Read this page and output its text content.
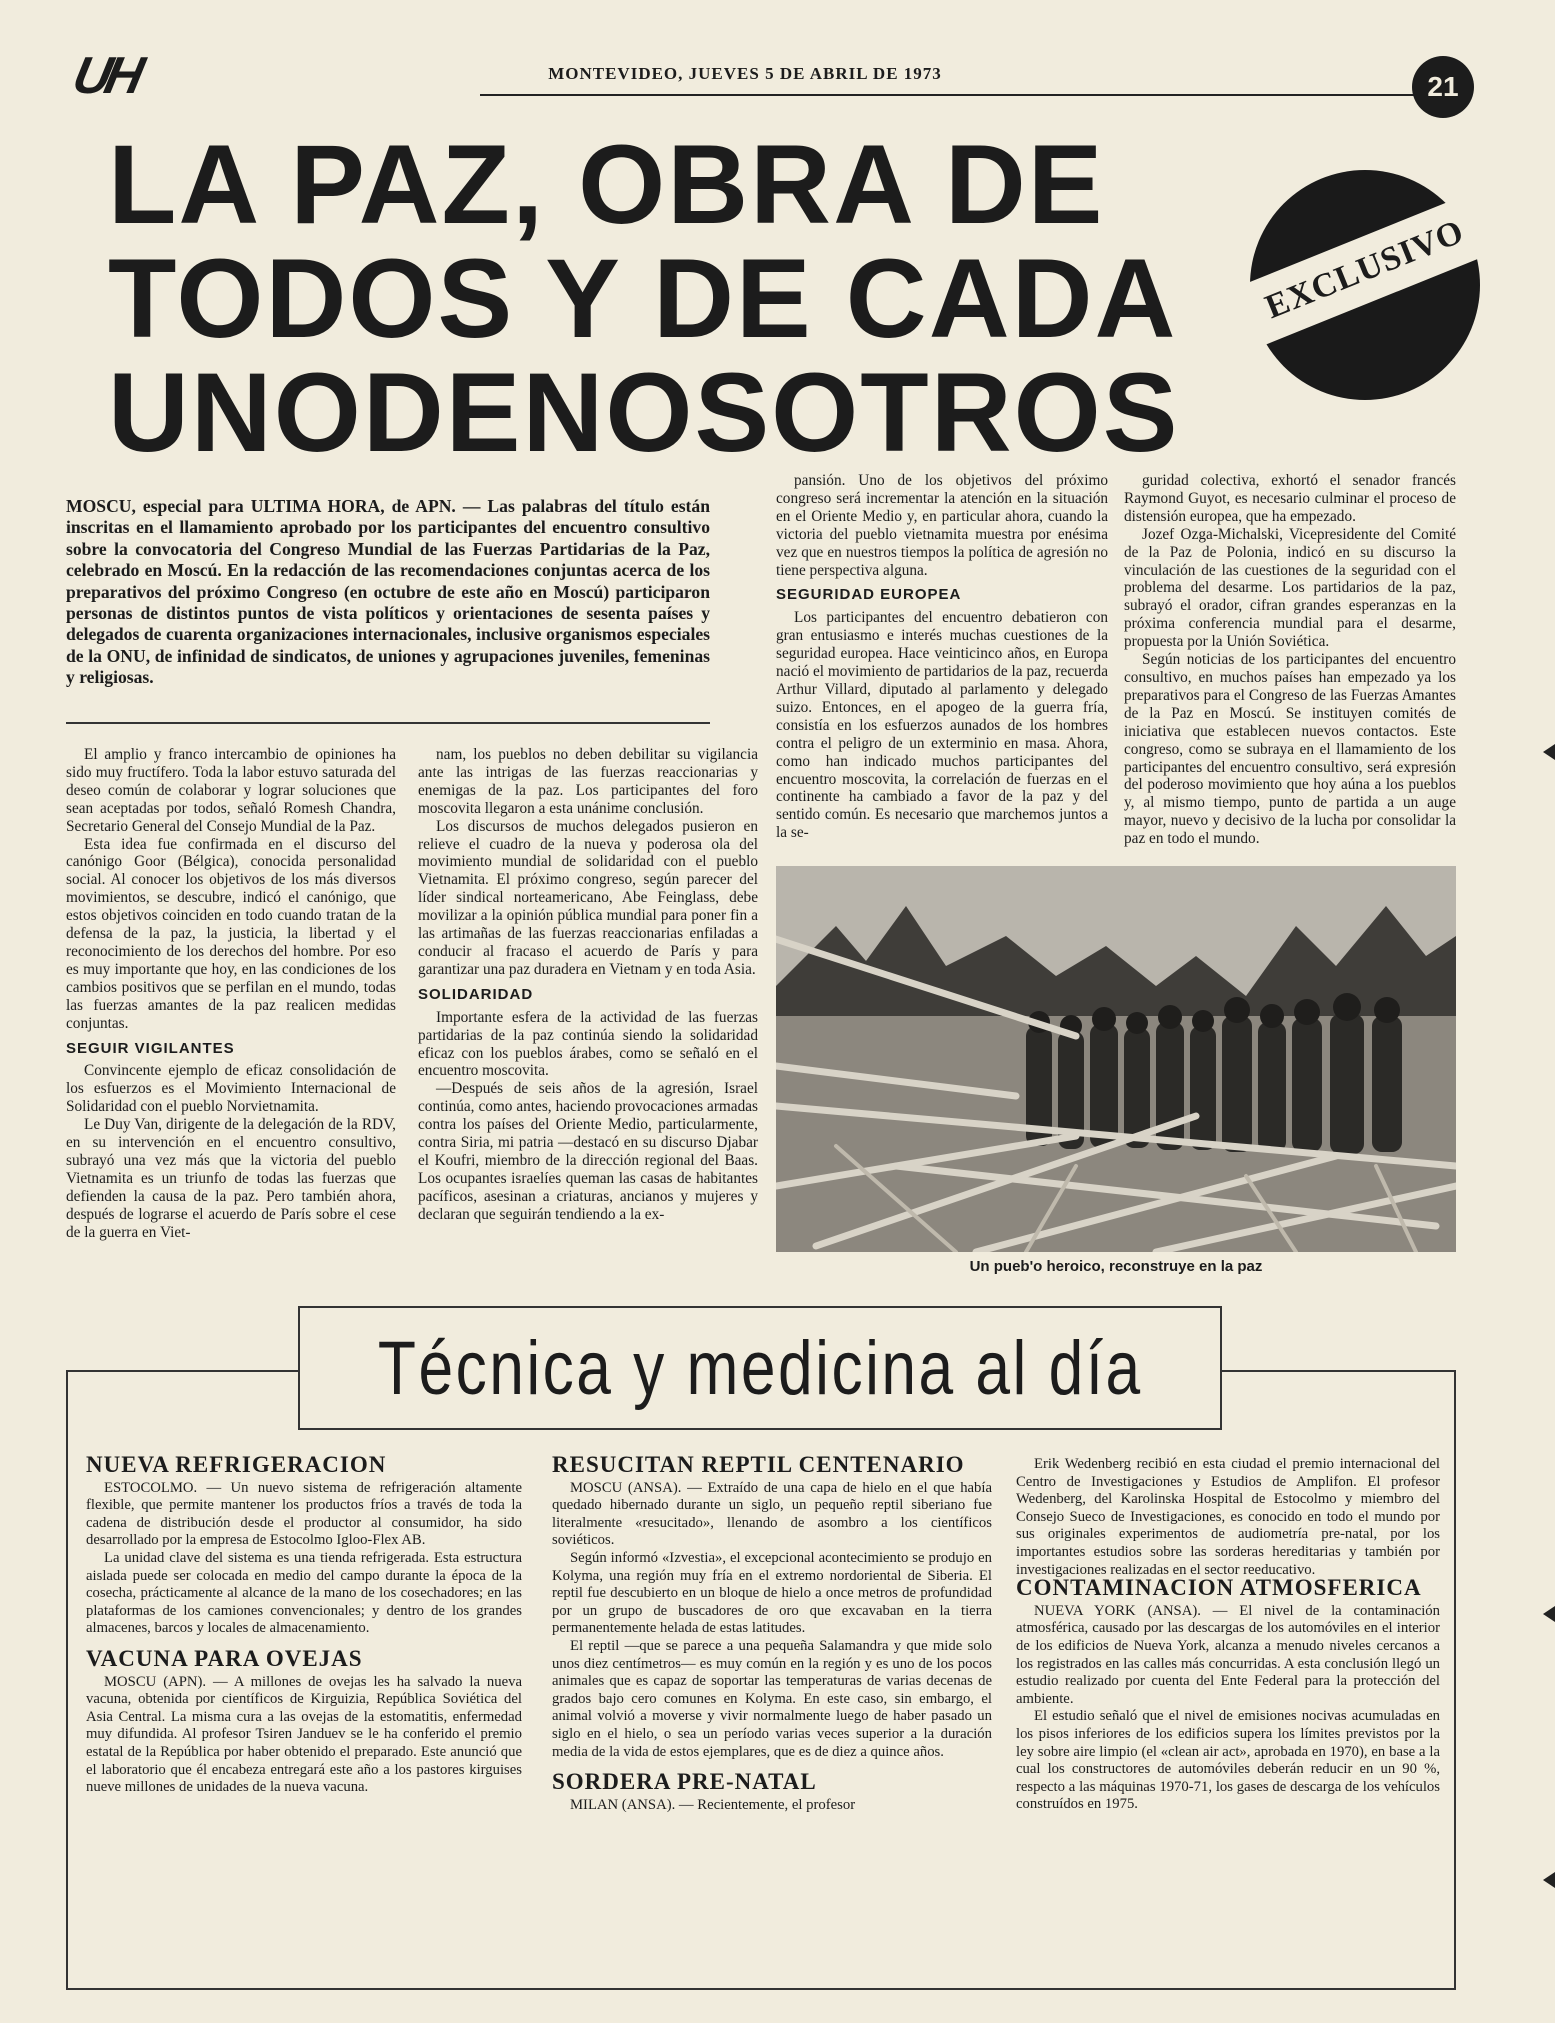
UH	MONTEVIDEO, JUEVES 5 DE ABRIL DE 1973	21
LA PAZ, OBRA DE
TODOS Y DE CADA
UNODENOSOTROS
EXCLUSIVO
MOSCU, especial para ULTIMA HORA, de APN. — Las palabras del título están inscritas en el llamamiento aprobado por los participantes del encuentro consultivo sobre la convocatoria del Congreso Mundial de las Fuerzas Partidarias de la Paz, celebrado en Moscú. En la redacción de las recomendaciones conjuntas acerca de los preparativos del próximo Congreso (en octubre de este año en Moscú) participaron personas de distintos puntos de vista políticos y orientaciones de sesenta países y delegados de cuarenta organizaciones internacionales, inclusive organismos especiales de la ONU, de infinidad de sindicatos, de uniones y agrupaciones juveniles, femeninas y religiosas.

El amplio y franco intercambio de opiniones ha sido muy fructífero. Toda la labor estuvo saturada del deseo común de colaborar y lograr soluciones que sean aceptadas por todos, señaló Romesh Chandra, Secretario General del Consejo Mundial de la Paz.

Esta idea fue confirmada en el discurso del canónigo Goor (Bélgica), conocida personalidad social. Al conocer los objetivos de los más diversos movimientos, se descubre, indicó el canónigo, que estos objetivos coinciden en todo cuando tratan de la defensa de la paz, la justicia, la libertad y el reconocimiento de los derechos del hombre. Por eso es muy importante que hoy, en las condiciones de los cambios positivos que se perfilan en el mundo, todas las fuerzas amantes de la paz realicen medidas conjuntas.

SEGUIR VIGILANTES

Convincente ejemplo de eficaz consolidación de los esfuerzos es el Movimiento Internacional de Solidaridad con el pueblo Norvietnamita.

Le Duy Van, dirigente de la delegación de la RDV, en su intervención en el encuentro consultivo, subrayó una vez más que la victoria del pueblo Vietnamita es un triunfo de todas las fuerzas que defienden la causa de la paz. Pero también ahora, después de lograrse el acuerdo de París sobre el cese de la guerra en Viet-

nam, los pueblos no deben debilitar su vigilancia ante las intrigas de las fuerzas reaccionarias y enemigas de la paz. Los participantes del foro moscovita llegaron a esta unánime conclusión.

Los discursos de muchos delegados pusieron en relieve el cuadro de la nueva y poderosa ola del movimiento mundial de solidaridad con el pueblo Vietnamita. El próximo congreso, según parecer del líder sindical norteamericano, Abe Feinglass, debe movilizar a la opinión pública mundial para poner fin a las artimañas de las fuerzas reaccionarias enfiladas a conducir al fracaso el acuerdo de París y para garantizar una paz duradera en Vietnam y en toda Asia.

SOLIDARIDAD

Importante esfera de la actividad de las fuerzas partidarias de la paz continúa siendo la solidaridad eficaz con los pueblos árabes, como se señaló en el encuentro moscovita.

—Después de seis años de la agresión, Israel continúa, como antes, haciendo provocaciones armadas contra los países del Oriente Medio, particularmente, contra Siria, mi patria —destacó en su discurso Djabar el Koufri, miembro de la dirección regional del Baas. Los ocupantes israelíes queman las casas de habitantes pacíficos, asesinan a criaturas, ancianos y mujeres y declaran que seguirán tendiendo a la ex-

pansión. Uno de los objetivos del próximo congreso será incrementar la atención en la situación en el Oriente Medio y, en particular ahora, cuando la victoria del pueblo vietnamita muestra por enésima vez que en nuestros tiempos la política de agresión no tiene perspectiva alguna.

SEGURIDAD EUROPEA

Los participantes del encuentro debatieron con gran entusiasmo e interés muchas cuestiones de la seguridad europea. Hace veinticinco años, en Europa nació el movimiento de partidarios de la paz, recuerda Arthur Villard, diputado al parlamento y delegado suizo. Entonces, en el apogeo de la guerra fría, consistía en los esfuerzos aunados de los hombres contra el peligro de un exterminio en masa. Ahora, como han indicado muchos participantes del encuentro moscovita, la correlación de fuerzas en el continente ha cambiado a favor de la paz y del sentido común. Es necesario que marchemos juntos a la se-

guridad colectiva, exhortó el senador francés Raymond Guyot, es necesario culminar el proceso de distensión europea, que ha empezado.

Jozef Ozga-Michalski, Vicepresidente del Comité de la Paz de Polonia, indicó en su discurso la vinculación de las cuestiones de la seguridad con el problema del desarme. Los partidarios de la paz, subrayó el orador, cifran grandes esperanzas en la próxima conferencia mundial para el desarme, propuesta por la Unión Soviética.

Según noticias de los participantes del encuentro consultivo, en muchos países han empezado ya los preparativos para el Congreso de las Fuerzas Amantes de la Paz en Moscú. Se instituyen comités de iniciativa que establecen nuevos contactos. Este congreso, como se subraya en el llamamiento de los participantes del encuentro consultivo, será expresión del poderoso movimiento que hoy aúna a los pueblos y, al mismo tiempo, punto de partida a un auge mayor, nuevo y decisivo de la lucha por consolidar la paz en todo el mundo.

Un pueb'o heroico, reconstruye en la paz
Técnica y medicina al día
NUEVA REFRIGERACION

ESTOCOLMO. — Un nuevo sistema de refrigeración altamente flexible, que permite mantener los productos fríos a través de toda la cadena de distribución desde el productor al consumidor, ha sido desarrollado por la empresa de Estocolmo Igloo-Flex AB.

La unidad clave del sistema es una tienda refrigerada. Esta estructura aislada puede ser colocada en medio del campo durante la época de la cosecha, prácticamente al alcance de la mano de los cosechadores; en las plataformas de los camiones convencionales; y dentro de los grandes almacenes, barcos y locales de almacenamiento.

VACUNA PARA OVEJAS

MOSCU (APN). — A millones de ovejas les ha salvado la nueva vacuna, obtenida por científicos de Kirguizia, República Soviética del Asia Central. La misma cura a las ovejas de la estomatitis, enfermedad muy difundida. Al profesor Tsiren Janduev se le ha conferido el premio estatal de la República por haber obtenido el preparado. Este anunció que el laboratorio que él encabeza entregará este año a los pastores kirguises nueve millones de unidades de la nueva vacuna.

RESUCITAN REPTIL CENTENARIO

MOSCU (ANSA). — Extraído de una capa de hielo en el que había quedado hibernado durante un siglo, un pequeño reptil siberiano fue literalmente «resucitado», llenando de asombro a los científicos soviéticos.

Según informó «Izvestia», el excepcional acontecimiento se produjo en Kolyma, una región muy fría en el extremo nordoriental de Siberia. El reptil fue descubierto en un bloque de hielo a once metros de profundidad por un grupo de buscadores de oro que excavaban en la tierra permanentemente helada de estas latitudes.

El reptil —que se parece a una pequeña Salamandra y que mide solo unos diez centímetros— es muy común en la región y es uno de los pocos animales que es capaz de soportar las temperaturas de varias decenas de grados bajo cero comunes en Kolyma. En este caso, sin embargo, el animal volvió a moverse y vivir normalmente luego de haber pasado un siglo en el hielo, o sea un período varias veces superior a la duración media de la vida de estos ejemplares, que es de diez a quince años.

SORDERA PRE-NATAL

MILAN (ANSA). — Recientemente, el profesor

Erik Wedenberg recibió en esta ciudad el premio internacional del Centro de Investigaciones y Estudios de Amplifon. El profesor Wedenberg, del Karolinska Hospital de Estocolmo y miembro del Consejo Sueco de Investigaciones, es conocido en todo el mundo por sus originales experimentos de audiometría pre-natal, por los importantes estudios sobre las sorderas hereditarias y también por investigaciones realizadas en el sector reeducativo.

CONTAMINACION ATMOSFERICA

NUEVA YORK (ANSA). — El nivel de la contaminación atmosférica, causado por las descargas de los automóviles en el interior de los edificios de Nueva York, alcanza a menudo niveles cercanos a los registrados en las calles más concurridas. A esta conclusión llegó un estudio realizado por cuenta del Ente Federal para la protección del ambiente.

El estudio señaló que el nivel de emisiones nocivas acumuladas en los pisos inferiores de los edificios supera los límites previstos por la ley sobre aire limpio (el «clean air act», aprobada en 1970), en base a la cual los constructores de automóviles deberán reducir en un 90 %, respecto a las máquinas 1970-71, los gases de descarga de los vehículos construídos en 1975.
